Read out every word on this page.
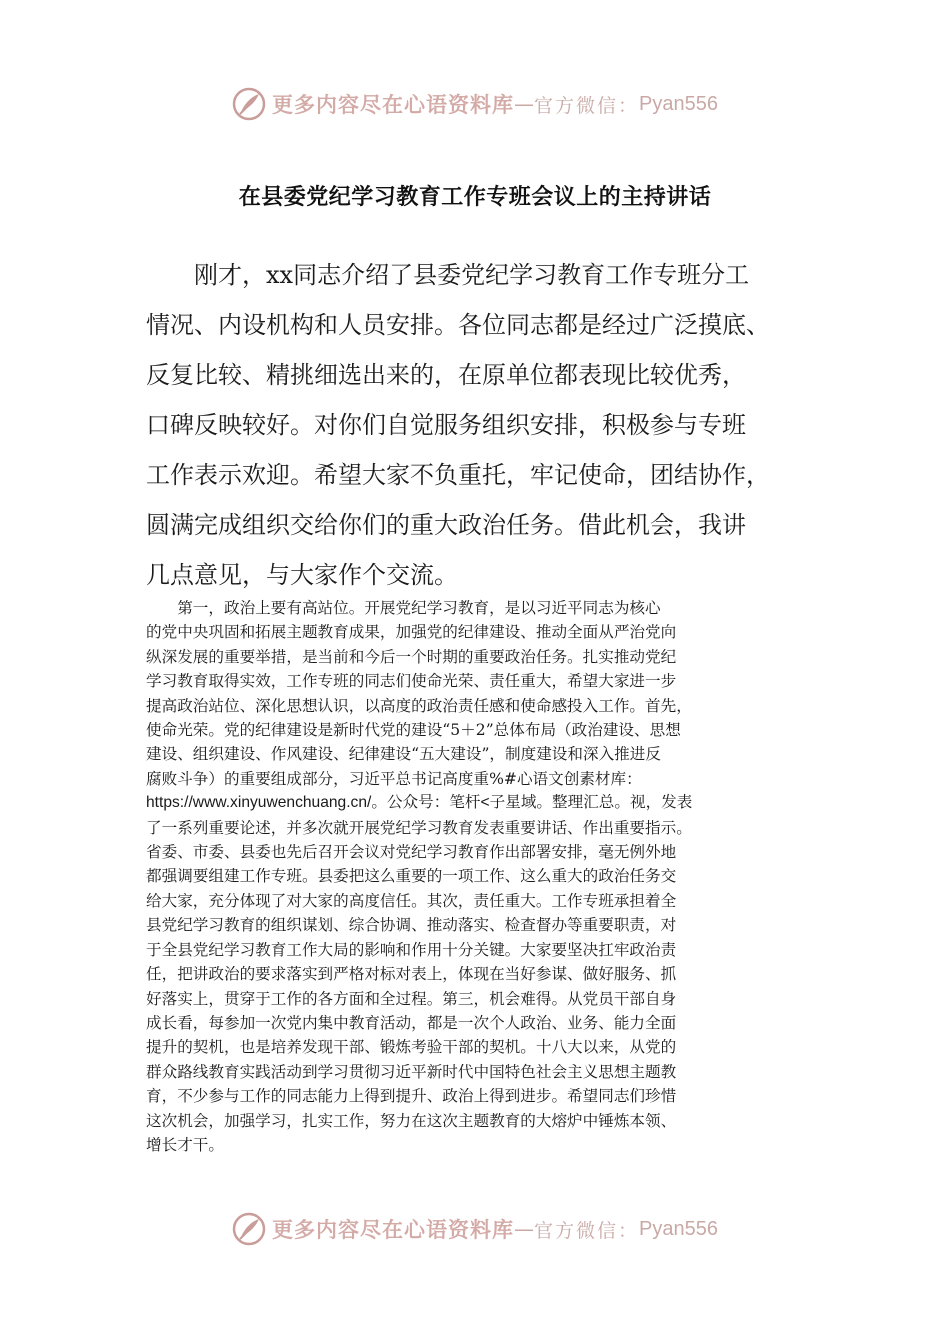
更多内容尽在心语资料库 — 官方微信： Pyan556
在县委党纪学习教育工作专班会议上的主持讲话
　　刚才，xx同志介绍了县委党纪学习教育工作专班分工
情况、内设机构和人员安排。各位同志都是经过广泛摸底、
反复比较、精挑细选出来的，在原单位都表现比较优秀，
口碑反映较好。对你们自觉服务组织安排，积极参与专班
工作表示欢迎。希望大家不负重托，牢记使命，团结协作，
圆满完成组织交给你们的重大政治任务。借此机会，我讲
几点意见，与大家作个交流。
　　第一，政治上要有高站位。开展党纪学习教育，是以习近平同志为核心
的党中央巩固和拓展主题教育成果，加强党的纪律建设、推动全面从严治党向
纵深发展的重要举措，是当前和今后一个时期的重要政治任务。扎实推动党纪
学习教育取得实效，工作专班的同志们使命光荣、责任重大，希望大家进一步
提高政治站位、深化思想认识，以高度的政治责任感和使命感投入工作。首先，
使命光荣。党的纪律建设是新时代党的建设“5＋2”总体布局（政治建设、思想
建设、组织建设、作风建设、纪律建设“五大建设”，制度建设和深入推进反
腐败斗争）的重要组成部分，习近平总书记高度重%#心语文创素材库：
https://www.xinyuwenchuang.cn/。公众号：笔杆<子星域。整理汇总。视，发表
了一系列重要论述，并多次就开展党纪学习教育发表重要讲话、作出重要指示。
省委、市委、县委也先后召开会议对党纪学习教育作出部署安排，毫无例外地
都强调要组建工作专班。县委把这么重要的一项工作、这么重大的政治任务交
给大家，充分体现了对大家的高度信任。其次，责任重大。工作专班承担着全
县党纪学习教育的组织谋划、综合协调、推动落实、检查督办等重要职责，对
于全县党纪学习教育工作大局的影响和作用十分关键。大家要坚决扛牢政治责
任，把讲政治的要求落实到严格对标对表上，体现在当好参谋、做好服务、抓
好落实上，贯穿于工作的各方面和全过程。第三，机会难得。从党员干部自身
成长看，每参加一次党内集中教育活动，都是一次个人政治、业务、能力全面
提升的契机，也是培养发现干部、锻炼考验干部的契机。十八大以来，从党的
群众路线教育实践活动到学习贯彻习近平新时代中国特色社会主义思想主题教
育，不少参与工作的同志能力上得到提升、政治上得到进步。希望同志们珍惜
这次机会，加强学习，扎实工作，努力在这次主题教育的大熔炉中锤炼本领、
增长才干。
更多内容尽在心语资料库 — 官方微信： Pyan556
